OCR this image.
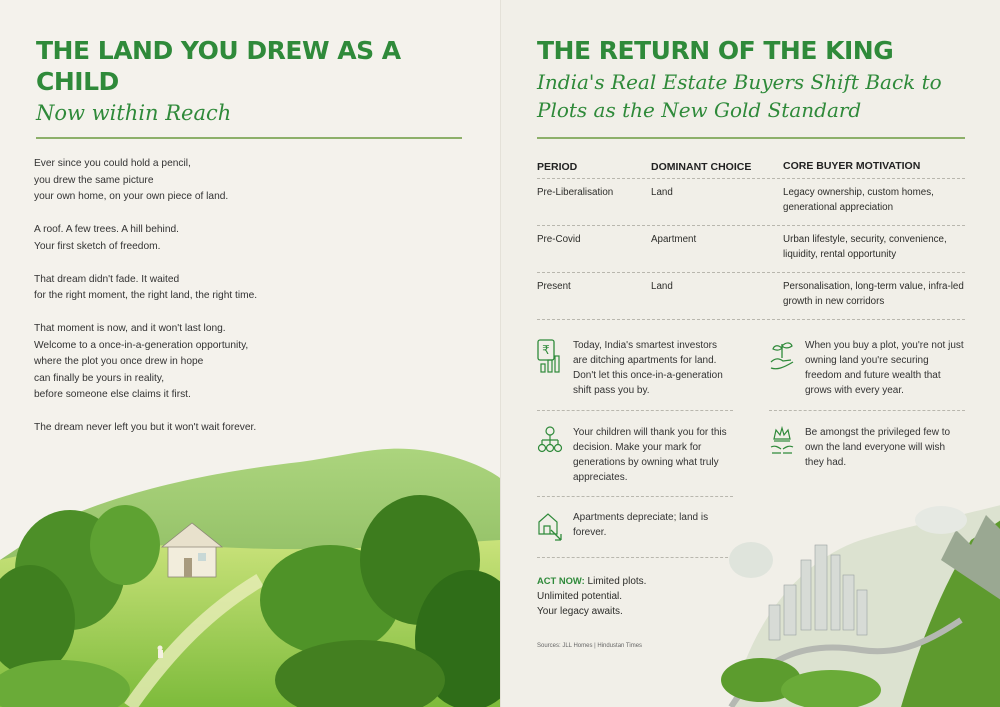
THE LAND YOU DREW AS A CHILD
Now within Reach
Ever since you could hold a pencil,
you drew the same picture
your own home, on your own piece of land.
A roof. A few trees. A hill behind.
Your first sketch of freedom.
That dream didn't fade. It waited
for the right moment, the right land, the right time.
That moment is now, and it won't last long.
Welcome to a once-in-a-generation opportunity,
where the plot you once drew in hope
can finally be yours in reality,
before someone else claims it first.
The dream never left you but it won't wait forever.
THE RETURN OF THE KING
India's Real Estate Buyers Shift Back to Plots as the New Gold Standard
PERIOD	DOMINANT CHOICE	CORE BUYER MOTIVATION
Pre-Liberalisation	Land	Legacy ownership, custom homes, generational appreciation
Pre-Covid	Apartment	Urban lifestyle, security, convenience, liquidity, rental opportunity
Present	Land	Personalisation, long-term value, infra-led growth in new corridors
₹ Today, India's smartest investors are ditching apartments for land. Don't let this once-in-a-generation shift pass you by.
When you buy a plot, you're not just owning land you're securing freedom and future wealth that grows with every year.
Your children will thank you for this decision. Make your mark for generations by owning what truly appreciates.
Be amongst the privileged few to own the land everyone will wish they had.
Apartments depreciate; land is forever.
ACT NOW: Limited plots.
Unlimited potential.
Your legacy awaits.
Sources: JLL Homes | Hindustan Times
